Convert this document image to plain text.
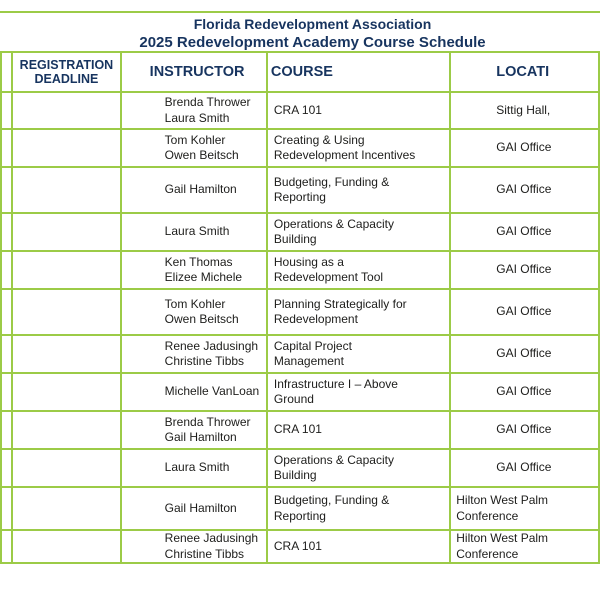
Florida Redevelopment Association
2025 Redevelopment Academy Course Schedule
	REGISTRATION DEADLINE	INSTRUCTOR	COURSE	LOCATI

		Brenda Thrower
Laura Smith	CRA 101	Sittig Hall,

		Tom Kohler
Owen Beitsch	Creating & Using Redevelopment Incentives	GAI Office

		Gail Hamilton	Budgeting, Funding & Reporting	GAI Office

		Laura Smith	Operations & Capacity Building	GAI Office

		Ken Thomas
Elizee Michele	Housing as a Redevelopment Tool	GAI Office

		Tom Kohler
Owen Beitsch	Planning Strategically for Redevelopment	GAI Office

		Renee Jadusingh
Christine Tibbs	Capital Project Management	GAI Office

		Michelle VanLoan	Infrastructure I – Above Ground	GAI Office

		Brenda Thrower
Gail Hamilton	CRA 101	GAI Office

		Laura Smith	Operations & Capacity Building	GAI Office

		Gail Hamilton	Budgeting, Funding & Reporting	Hilton West Palm Conference

		Renee Jadusingh
Christine Tibbs	CRA 101	Hilton West Palm Conference
